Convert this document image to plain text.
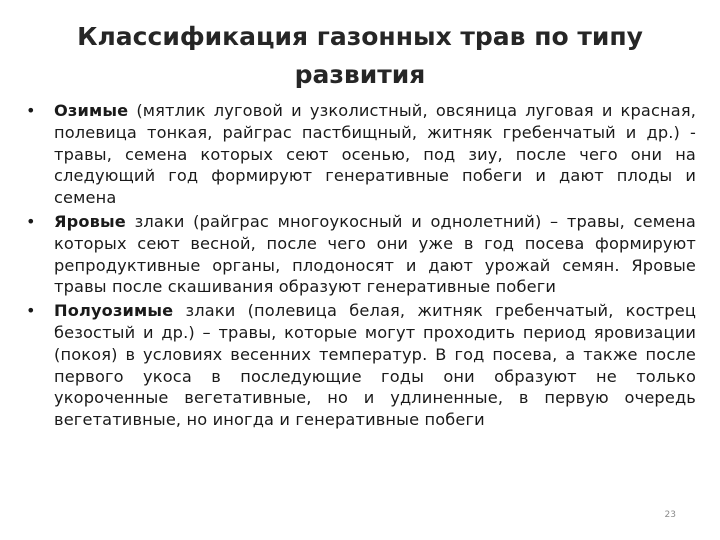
Классификация газонных трав по типу
развития
•	Озимые (мятлик луговой и узколистный, овсяница луговая и красная, полевица тонкая, райграс пастбищный, житняк гребенчатый и др.) - травы, семена которых сеют осенью, под зиу, после чего они на следующий год формируют генеративные побеги и дают плоды и семена
•	Яровые злаки (райграс многоукосный и однолетний) – травы, семена которых сеют весной, после чего они уже в год посева формируют репродуктивные органы, плодоносят и дают урожай семян. Яровые травы после скашивания образуют генеративные побеги
•	Полуозимые злаки (полевица белая, житняк гребенчатый, кострец безостый и др.) – травы, которые могут проходить период яровизации (покоя) в условиях весенних температур. В год посева, а также после первого укоса в последующие годы они образуют не только укороченные вегетативные, но и удлиненные, в первую очередь вегетативные, но иногда и генеративные побеги
23
